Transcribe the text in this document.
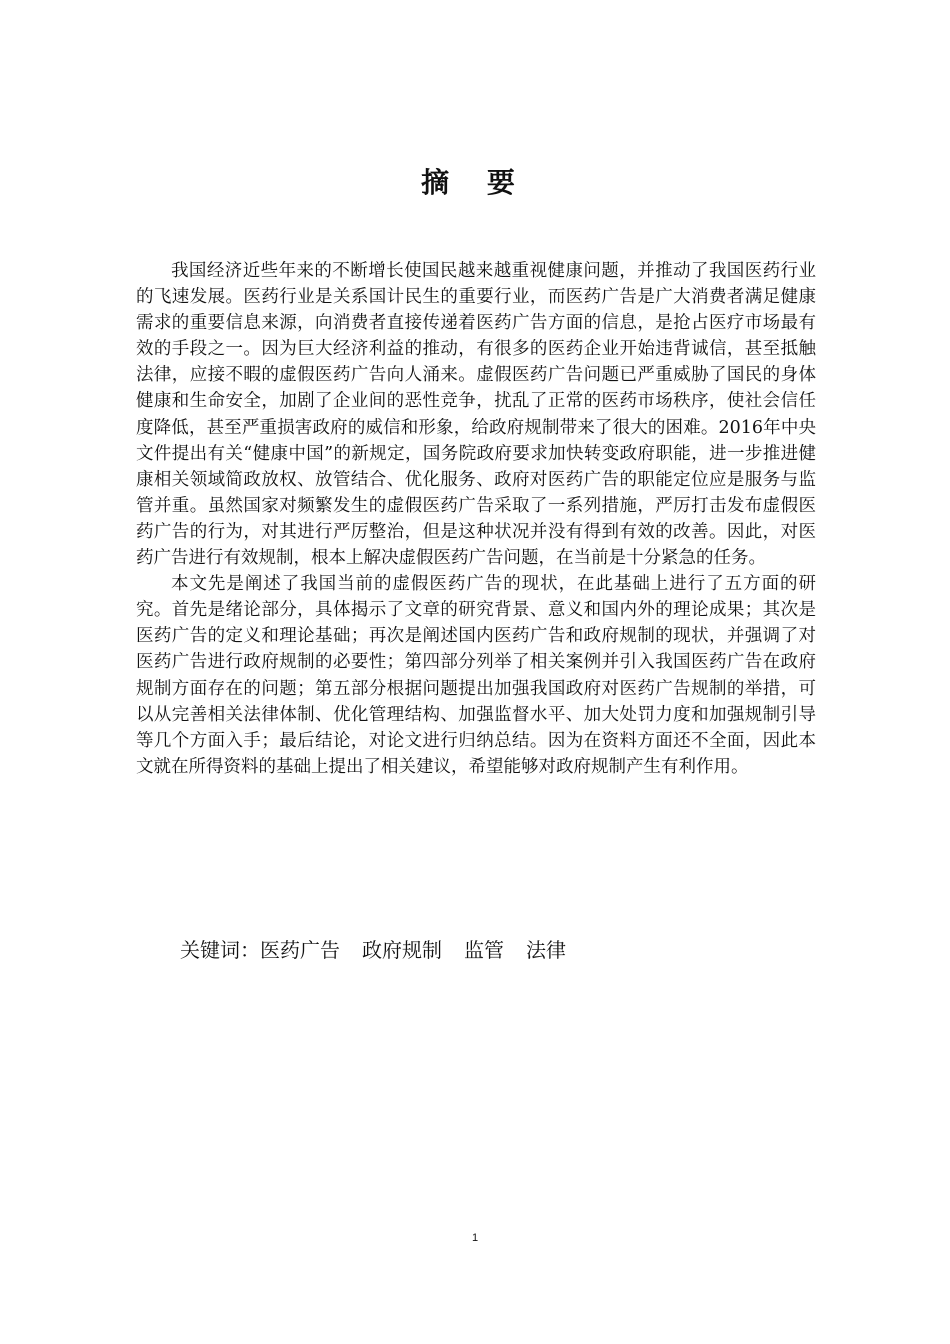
摘 要

我国经济近些年来的不断增长使国民越来越重视健康问题，并推动了我国医药行业的飞速发展。医药行业是关系国计民生的重要行业，而医药广告是广大消费者满足健康需求的重要信息来源，向消费者直接传递着医药广告方面的信息，是抢占医疗市场最有效的手段之一。因为巨大经济利益的推动，有很多的医药企业开始违背诚信，甚至抵触法律，应接不暇的虚假医药广告向人涌来。虚假医药广告问题已严重威胁了国民的身体健康和生命安全，加剧了企业间的恶性竞争，扰乱了正常的医药市场秩序，使社会信任度降低，甚至严重损害政府的威信和形象，给政府规制带来了很大的困难。2016年中央文件提出有关“健康中国”的新规定，国务院政府要求加快转变政府职能，进一步推进健康相关领域简政放权、放管结合、优化服务、政府对医药广告的职能定位应是服务与监管并重。虽然国家对频繁发生的虚假医药广告采取了一系列措施，严厉打击发布虚假医药广告的行为，对其进行严厉整治，但是这种状况并没有得到有效的改善。因此，对医药广告进行有效规制，根本上解决虚假医药广告问题，在当前是十分紧急的任务。

本文先是阐述了我国当前的虚假医药广告的现状，在此基础上进行了五方面的研究。首先是绪论部分，具体揭示了文章的研究背景、意义和国内外的理论成果；其次是医药广告的定义和理论基础；再次是阐述国内医药广告和政府规制的现状，并强调了对医药广告进行政府规制的必要性；第四部分列举了相关案例并引入我国医药广告在政府规制方面存在的问题；第五部分根据问题提出加强我国政府对医药广告规制的举措，可以从完善相关法律体制、优化管理结构、加强监督水平、加大处罚力度和加强规制引导等几个方面入手；最后结论，对论文进行归纳总结。因为在资料方面还不全面，因此本文就在所得资料的基础上提出了相关建议，希望能够对政府规制产生有利作用。

关键词：医药广告 政府规制 监管 法律
1
